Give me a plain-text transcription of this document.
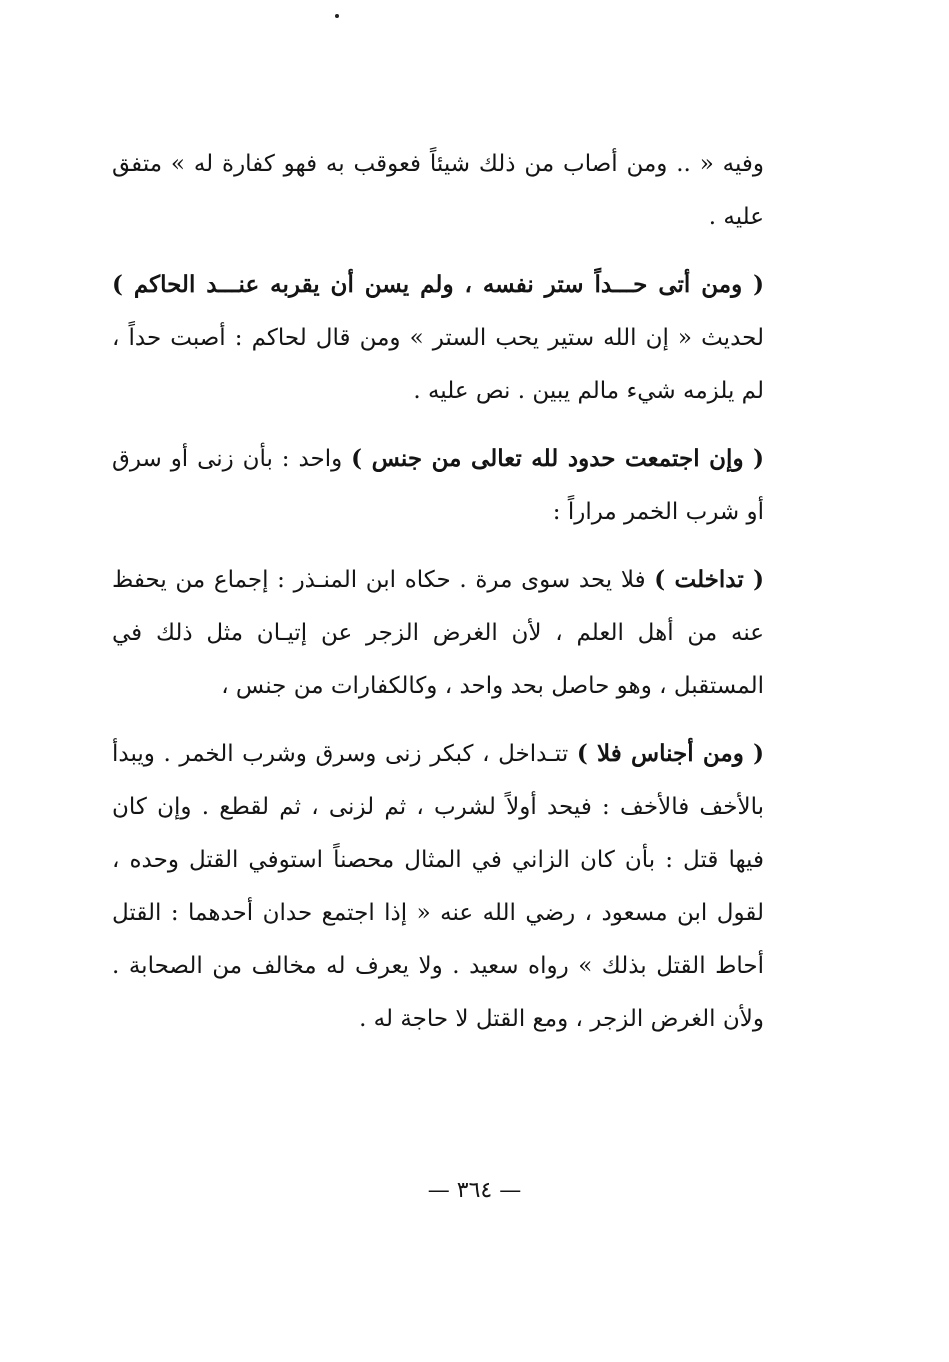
وفيه « .. ومن أصاب من ذلك شيئاً فعوقب به فهو كفارة له » متفق عليه .

( ومن أتى حـــداً ستر نفسه ، ولم يسن أن يقربه عنـــد الحاكم ) لحديث « إن الله ستير يحب الستر » ومن قال لحاكم : أصبت حداً ، لم يلزمه شيء مالم يبين . نص عليه .

( وإن اجتمعت حدود لله تعالى من جنس ) واحد : بأن زنى أو سرق أو شرب الخمر مراراً :

( تداخلت ) فلا يحد سوى مرة . حكاه ابن المنـذر : إجماع من يحفظ عنه من أهل العلم ، لأن الغرض الزجر عن إتيـان مثل ذلك في المستقبل ، وهو حاصل بحد واحد ، وكالكفارات من جنس ،

( ومن أجناس فلا ) تتـداخل ، كبكر زنى وسرق وشرب الخمر . ويبدأ بالأخف فالأخف : فيحد أولاً لشرب ، ثم لزنى ، ثم لقطع . وإن كان فيها قتل : بأن كان الزاني في المثال محصناً استوفي القتل وحده ، لقول ابن مسعود ، رضي الله عنه « إذا اجتمع حدان أحدهما : القتل أحاط القتل بذلك » رواه سعيد . ولا يعرف له مخالف من الصحابة . ولأن الغرض الزجر ، ومع القتل لا حاجة له .

— ٣٦٤ —
